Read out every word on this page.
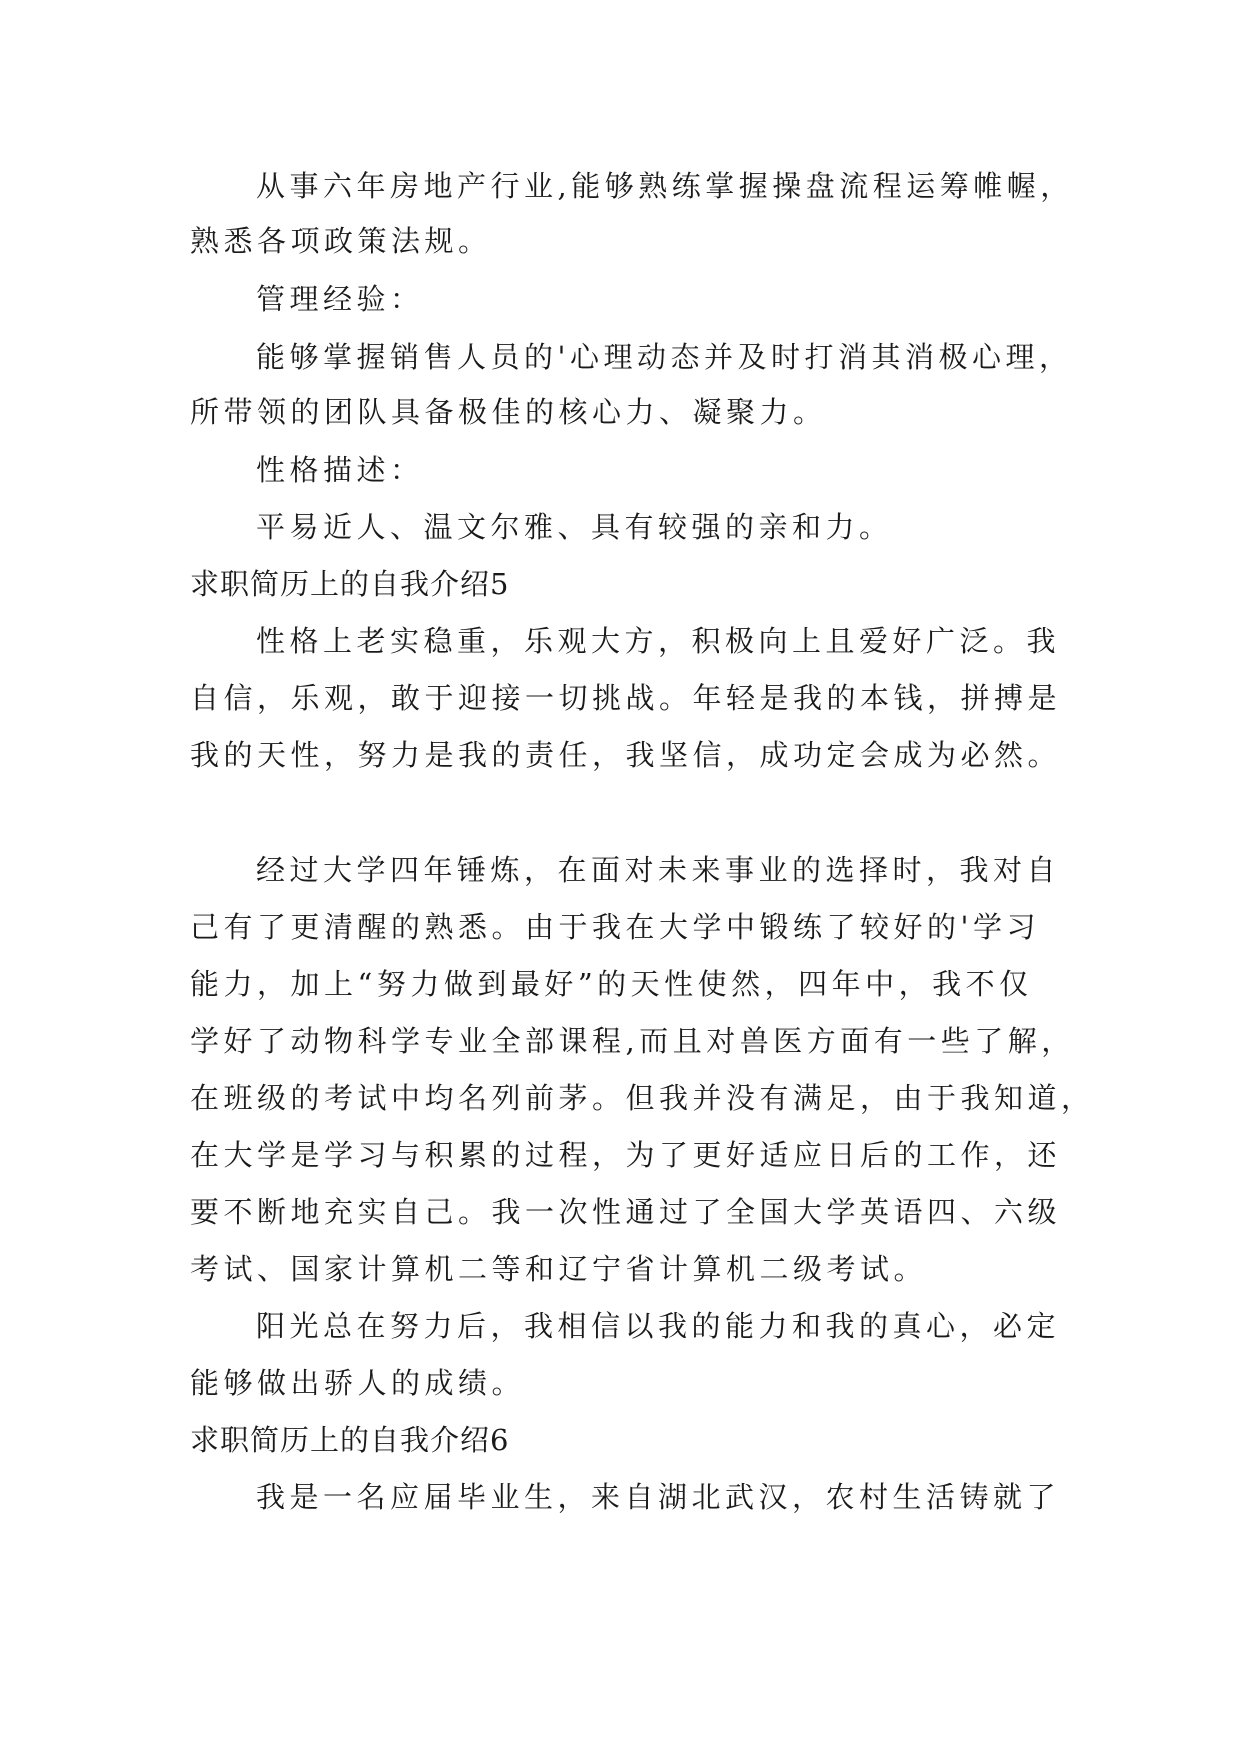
从事六年房地产行业,能够熟练掌握操盘流程运筹帷幄，
熟悉各项政策法规。
管理经验：
能够掌握销售人员的'心理动态并及时打消其消极心理，
所带领的团队具备极佳的核心力、凝聚力。
性格描述：
平易近人、温文尔雅、具有较强的亲和力。
求职简历上的自我介绍5
性格上老实稳重，乐观大方，积极向上且爱好广泛。我
自信，乐观，敢于迎接一切挑战。年轻是我的本钱，拼搏是
我的天性，努力是我的责任，我坚信，成功定会成为必然。
经过大学四年锤炼，在面对未来事业的选择时，我对自
己有了更清醒的熟悉。由于我在大学中锻练了较好的'学习
能力，加上“努力做到最好”的天性使然，四年中，我不仅
学好了动物科学专业全部课程,而且对兽医方面有一些了解，
在班级的考试中均名列前茅。但我并没有满足，由于我知道，
在大学是学习与积累的过程，为了更好适应日后的工作，还
要不断地充实自己。我一次性通过了全国大学英语四、六级
考试、国家计算机二等和辽宁省计算机二级考试。
阳光总在努力后，我相信以我的能力和我的真心，必定
能够做出骄人的成绩。
求职简历上的自我介绍6
我是一名应届毕业生，来自湖北武汉，农村生活铸就了
